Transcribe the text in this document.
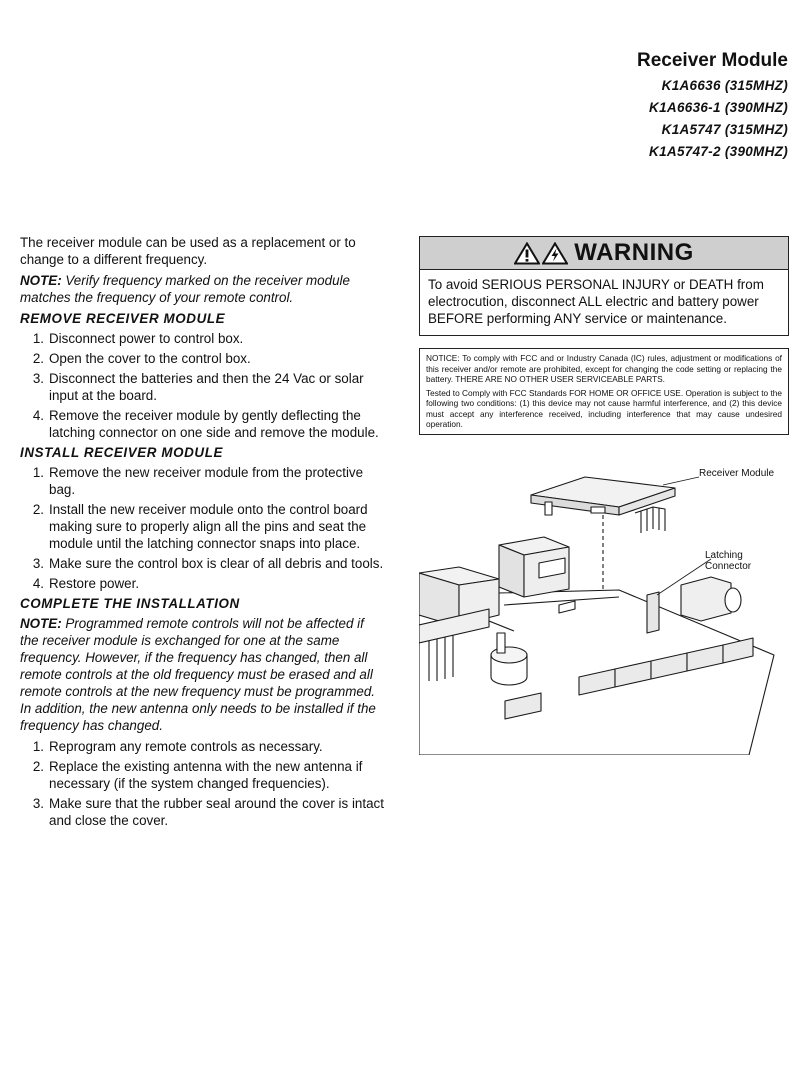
Receiver Module
K1A6636 (315MHZ)
K1A6636-1 (390MHZ)
K1A5747 (315MHZ)
K1A5747-2 (390MHZ)

The receiver module can be used as a replacement or to change to a different frequency.

NOTE: Verify frequency marked on the receiver module matches the frequency of your remote control.

REMOVE RECEIVER MODULE
1. Disconnect power to control box.
2. Open the cover to the control box.
3. Disconnect the batteries and then the 24 Vac or solar input at the board.
4. Remove the receiver module by gently deflecting the latching connector on one side and remove the module.
INSTALL RECEIVER MODULE
1. Remove the new receiver module from the protective bag.
2. Install the new receiver module onto the control board making sure to properly align all the pins and seat the module until the latching connector snaps into place.
3. Make sure the control box is clear of all debris and tools.
4. Restore power.
COMPLETE THE INSTALLATION

NOTE: Programmed remote controls will not be affected if the receiver module is exchanged for one at the same frequency. However, if the frequency has changed, then all remote controls at the old frequency must be erased and all remote controls at the new frequency must be programmed. In addition, the new antenna only needs to be installed if the frequency has changed.

1. Reprogram any remote controls as necessary.
2. Replace the existing antenna with the new antenna if necessary (if the system changed frequencies).
3. Make sure that the rubber seal around the cover is intact and close the cover.
WARNING
To avoid SERIOUS PERSONAL INJURY or DEATH from electrocution, disconnect ALL electric and battery power BEFORE performing ANY service or maintenance.

NOTICE: To comply with FCC and or Industry Canada (IC) rules, adjustment or modifications of this receiver and/or remote are prohibited, except for changing the code setting or replacing the battery. THERE ARE NO OTHER USER SERVICEABLE PARTS.

Tested to Comply with FCC Standards FOR HOME OR OFFICE USE. Operation is subject to the following two conditions: (1) this device may not cause harmful interference, and (2) this device must accept any interference received, including interference that may cause undesired operation.

Receiver Module
Latching Connector
